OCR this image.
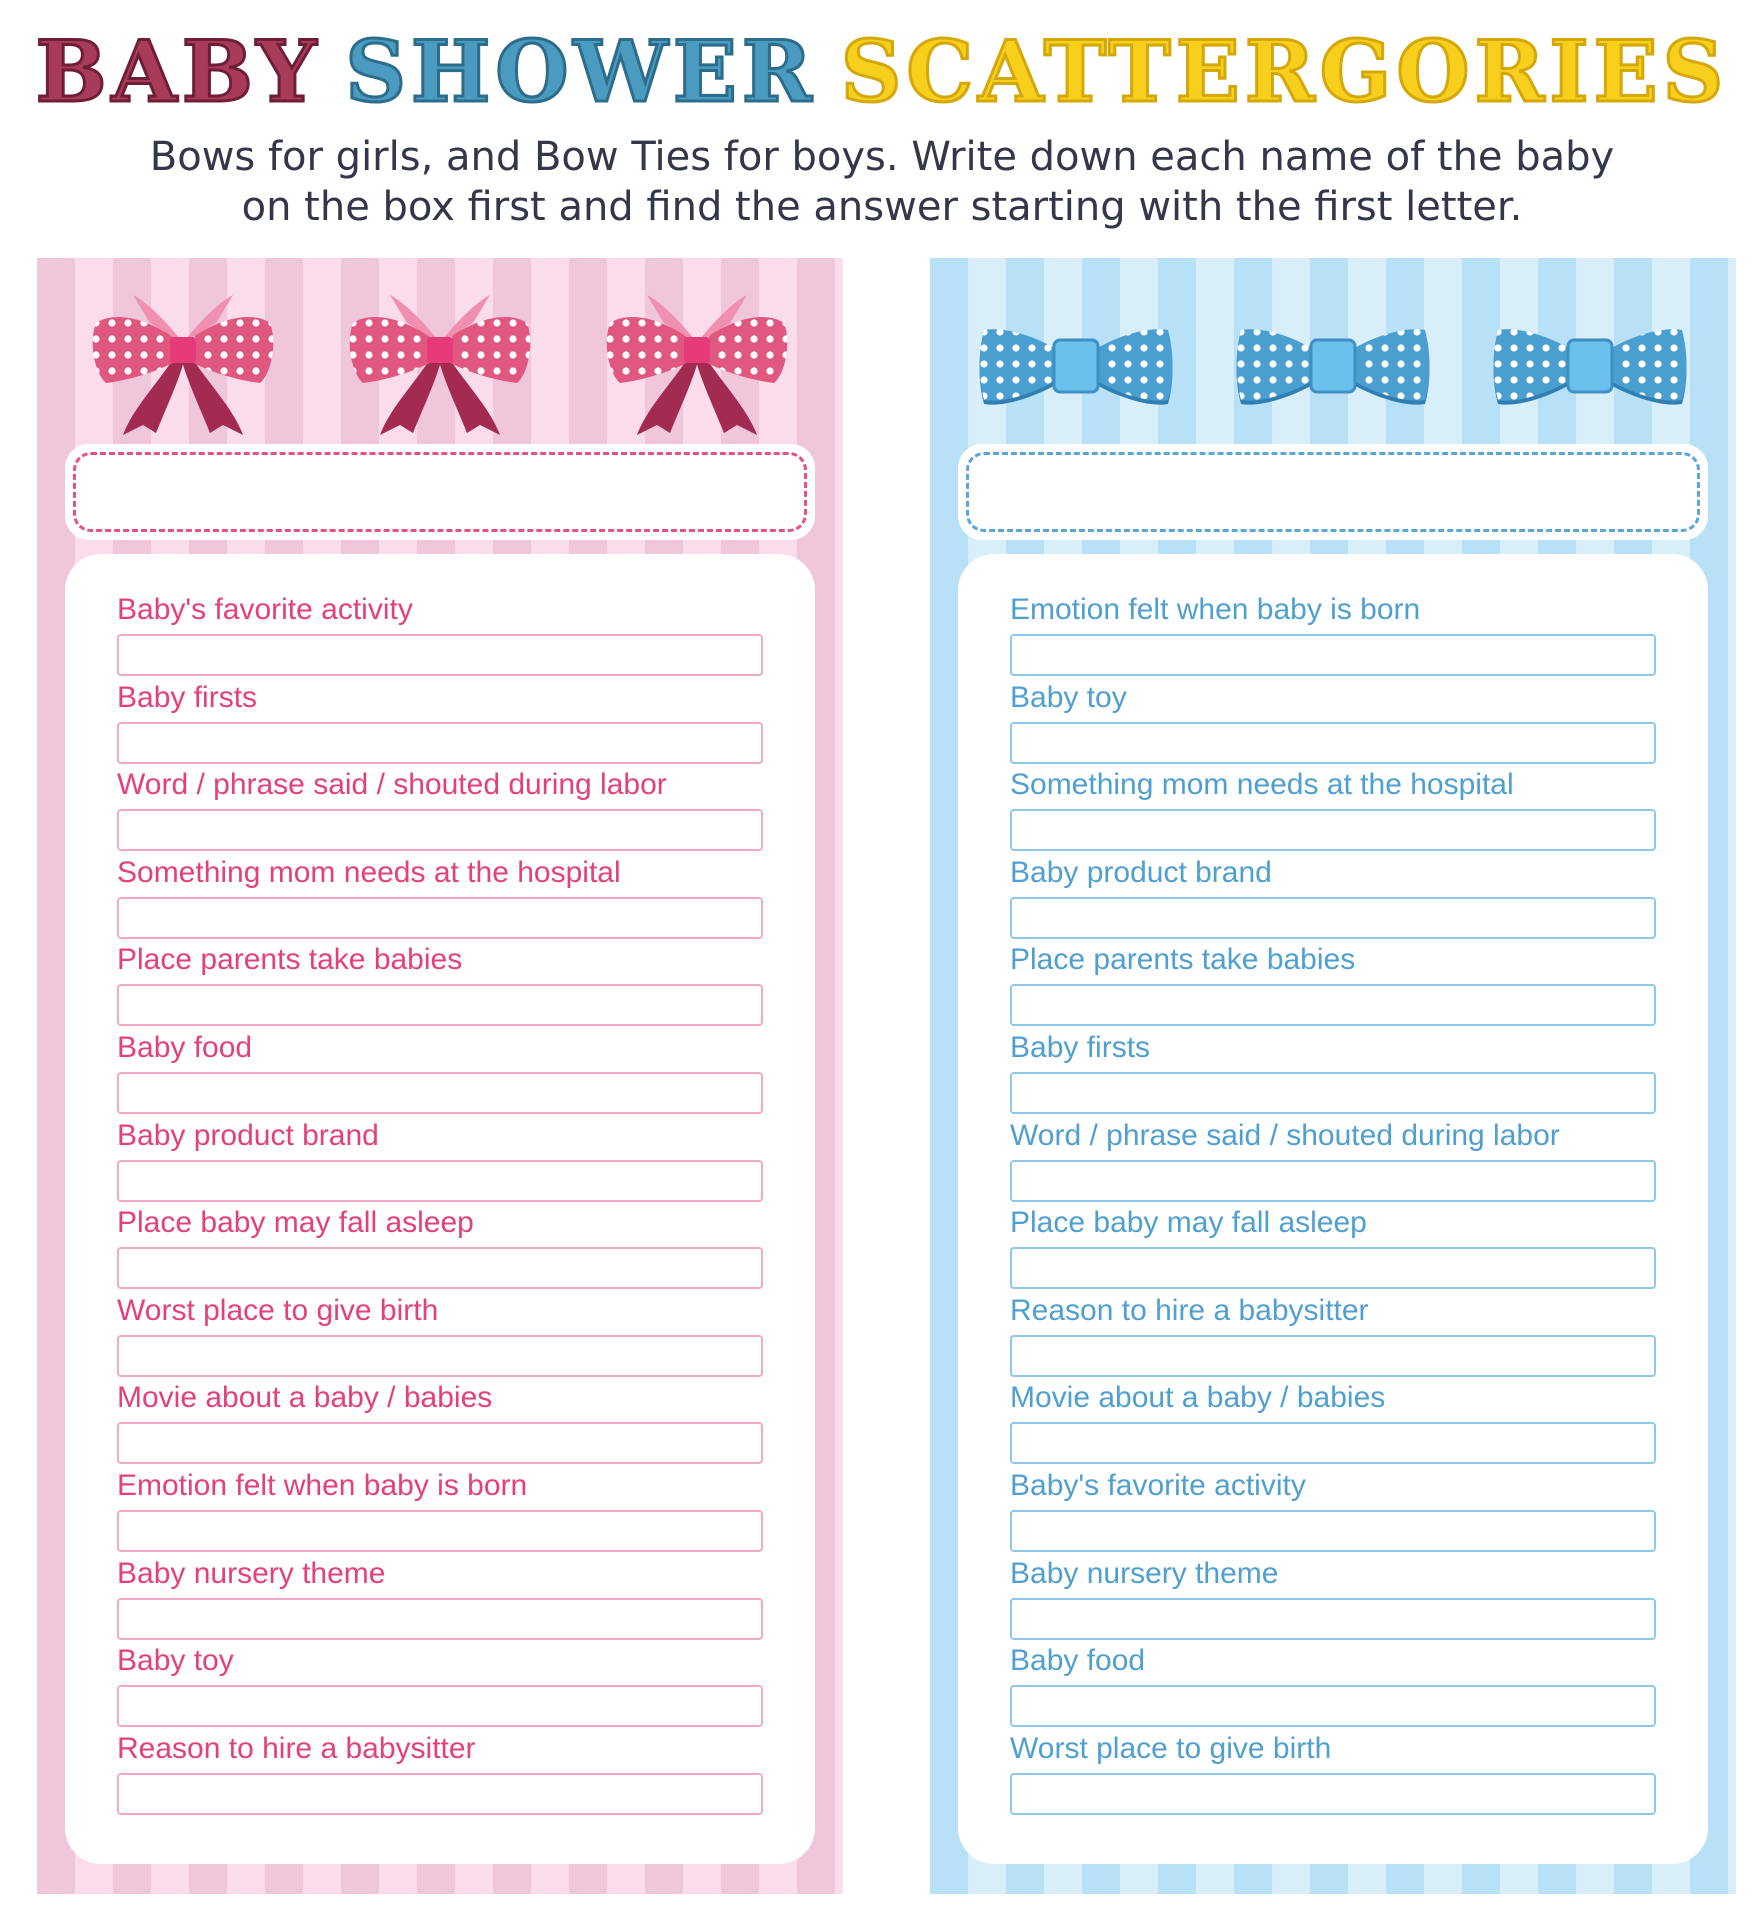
BABY SHOWER SCATTERGORIES
Bows for girls, and Bow Ties for boys. Write down each name of the baby
on the box first and find the answer starting with the first letter.
Baby's favorite activity
Baby firsts
Word / phrase said / shouted during labor
Something mom needs at the hospital
Place parents take babies
Baby food
Baby product brand
Place baby may fall asleep
Worst place to give birth
Movie about a baby / babies
Emotion felt when baby is born
Baby nursery theme
Baby toy
Reason to hire a babysitter
Emotion felt when baby is born
Baby toy
Something mom needs at the hospital
Baby product brand
Place parents take babies
Baby firsts
Word / phrase said / shouted during labor
Place baby may fall asleep
Reason to hire a babysitter
Movie about a baby / babies
Baby's favorite activity
Baby nursery theme
Baby food
Worst place to give birth
